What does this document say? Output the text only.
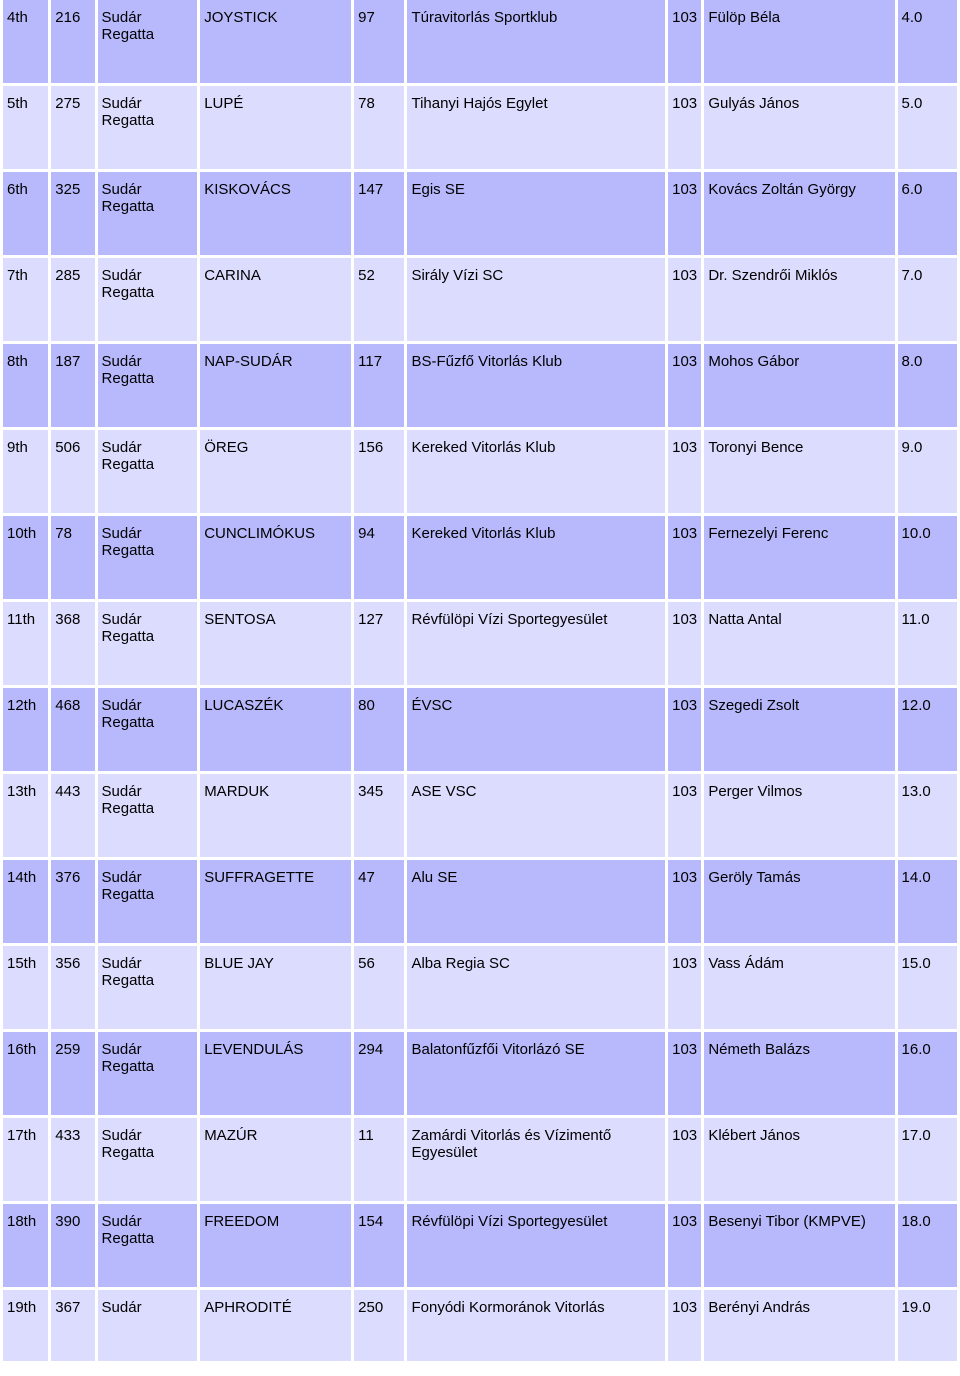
4th	216	Sudár Regatta	JOYSTICK	97	Túravitorlás Sportklub	103	Fülöp Béla	4.0
5th	275	Sudár Regatta	LUPÉ	78	Tihanyi Hajós Egylet	103	Gulyás János	5.0
6th	325	Sudár Regatta	KISKOVÁCS	147	Egis SE	103	Kovács Zoltán György	6.0
7th	285	Sudár Regatta	CARINA	52	Sirály Vízi SC	103	Dr. Szendrői Miklós	7.0
8th	187	Sudár Regatta	NAP-SUDÁR	117	BS-Fűzfő Vitorlás Klub	103	Mohos Gábor	8.0
9th	506	Sudár Regatta	ÖREG	156	Kereked Vitorlás Klub	103	Toronyi Bence	9.0
10th	78	Sudár Regatta	CUNCLIMÓKUS	94	Kereked Vitorlás Klub	103	Fernezelyi Ferenc	10.0
11th	368	Sudár Regatta	SENTOSA	127	Révfülöpi Vízi Sportegyesület	103	Natta Antal	11.0
12th	468	Sudár Regatta	LUCASZÉK	80	ÉVSC	103	Szegedi Zsolt	12.0
13th	443	Sudár Regatta	MARDUK	345	ASE VSC	103	Perger Vilmos	13.0
14th	376	Sudár Regatta	SUFFRAGETTE	47	Alu SE	103	Geröly Tamás	14.0
15th	356	Sudár Regatta	BLUE JAY	56	Alba Regia SC	103	Vass Ádám	15.0
16th	259	Sudár Regatta	LEVENDULÁS	294	Balatonfűzfői Vitorlázó SE	103	Németh Balázs	16.0
17th	433	Sudár Regatta	MAZÚR	11	Zamárdi Vitorlás és Vízimentő Egyesület	103	Klébert János	17.0
18th	390	Sudár Regatta	FREEDOM	154	Révfülöpi Vízi Sportegyesület	103	Besenyi Tibor (KMPVE)	18.0
19th	367	Sudár	APHRODITÉ	250	Fonyódi Kormoránok Vitorlás	103	Berényi András	19.0
